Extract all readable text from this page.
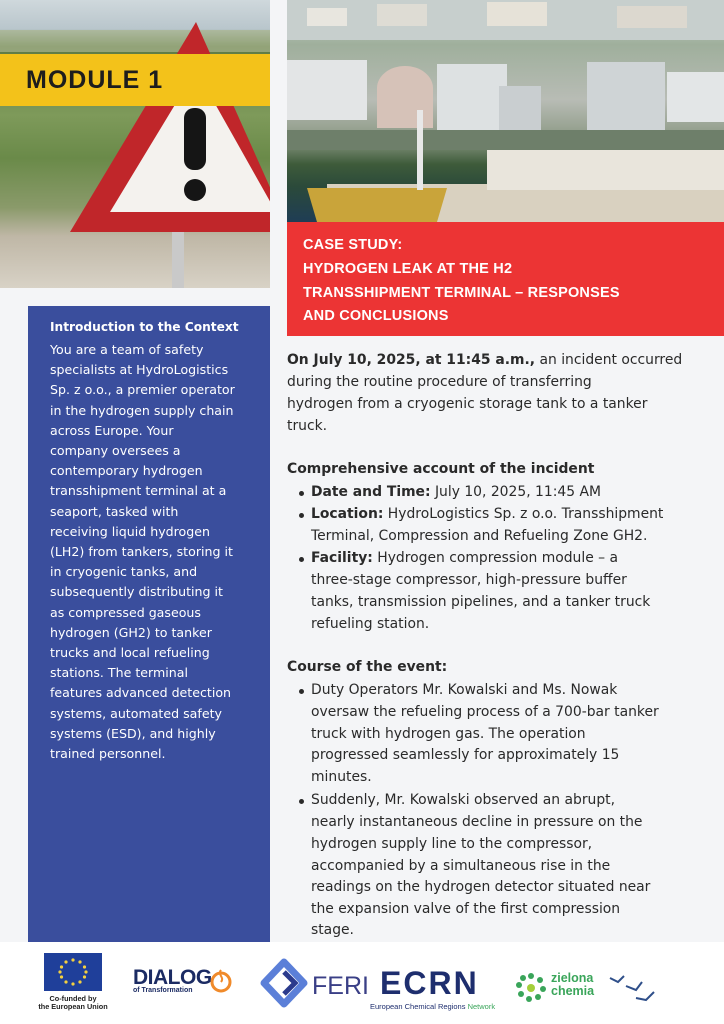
MODULE 1
CASE STUDY:
HYDROGEN LEAK AT THE H2
TRANSSHIPMENT TERMINAL – RESPONSES
AND CONCLUSIONS
Introduction to the Context
You are a team of safety
specialists at HydroLogistics
Sp. z o.o., a premier operator
in the hydrogen supply chain
across Europe. Your
company oversees a
contemporary hydrogen
transshipment terminal at a
seaport, tasked with
receiving liquid hydrogen
(LH2) from tankers, storing it
in cryogenic tanks, and
subsequently distributing it
as compressed gaseous
hydrogen (GH2) to tanker
trucks and local refueling
stations. The terminal
features advanced detection
systems, automated safety
systems (ESD), and highly
trained personnel.
On July 10, 2025, at 11:45 a.m., an incident occurred
during the routine procedure of transferring
hydrogen from a cryogenic storage tank to a tanker
truck.
Comprehensive account of the incident
Date and Time: July 10, 2025, 11:45 AM
Location: HydroLogistics Sp. z o.o. Transshipment
Terminal, Compression and Refueling Zone GH2.
Facility: Hydrogen compression module – a
three-stage compressor, high-pressure buffer
tanks, transmission pipelines, and a tanker truck
refueling station.
Course of the event:
Duty Operators Mr. Kowalski and Ms. Nowak
oversaw the refueling process of a 700-bar tanker
truck with hydrogen gas. The operation
progressed seamlessly for approximately 15
minutes.
Suddenly, Mr. Kowalski observed an abrupt,
nearly instantaneous decline in pressure on the
hydrogen supply line to the compressor,
accompanied by a simultaneous rise in the
readings on the hydrogen detector situated near
the expansion valve of the first compression
stage.
Co-funded by
the European Union
DIALOG
of Transformation	FERI ECRN
European Chemical Regions Network
zielona
chemia
